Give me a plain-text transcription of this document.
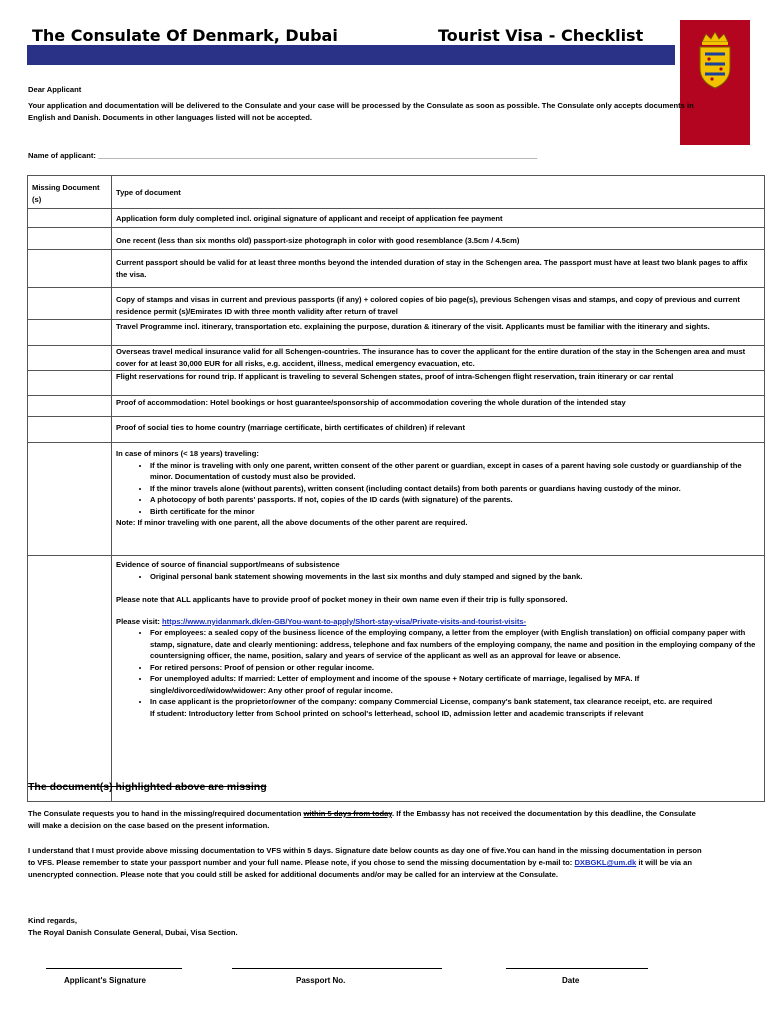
The Consulate Of Denmark, Dubai	Tourist Visa - Checklist
Dear Applicant
Your application and documentation will be delivered to the Consulate and your case will be processed by the Consulate as soon as possible. The Consulate only accepts documents in English and Danish. Documents in other languages listed will not be accepted.
Name of applicant: ________________________________________________________________________________________________________
Missing Document (s)
Type of document
Application form duly completed incl. original signature of applicant and receipt of application fee payment
One recent (less than six months old) passport-size photograph in color with good resemblance (3.5cm / 4.5cm)
Current passport should be valid for at least three months beyond the intended duration of stay in the Schengen area. The passport must have at least two blank pages to affix the visa.
Copy of stamps and visas in current and previous passports (if any) + colored copies of bio page(s), previous Schengen visas and stamps, and copy of previous and current residence permit (s)/Emirates ID with three month validity after return of travel
Travel Programme incl. itinerary, transportation etc. explaining the purpose, duration & itinerary of the visit. Applicants must be familiar with the itinerary and sights.
Overseas travel medical insurance valid for all Schengen-countries. The insurance has to cover the applicant for the entire duration of the stay in the Schengen area and must cover for at least 30,000 EUR for all risks, e.g. accident, illness, medical emergency evacuation, etc.
Flight reservations for round trip. If applicant is traveling to several Schengen states, proof of intra-Schengen flight reservation, train itinerary or car rental
Proof of accommodation: Hotel bookings or host guarantee/sponsorship of accommodation covering the whole duration of the intended stay
Proof of social ties to home country (marriage certificate, birth certificates of children) if relevant
In case of minors (< 18 years) traveling:
• If the minor is traveling with only one parent, written consent of the other parent or guardian, except in cases of a parent having sole custody or guardianship of the minor. Documentation of custody must also be provided.
• If the minor travels alone (without parents), written consent (including contact details) from both parents or guardians having custody of the minor.
• A photocopy of both parents' passports. If not, copies of the ID cards (with signature) of the parents.
• Birth certificate for the minor
Note: If minor traveling with one parent, all the above documents of the other parent are required.
Evidence of source of financial support/means of subsistence
• Original personal bank statement showing movements in the last six months and duly stamped and signed by the bank.
Please note that ALL applicants have to provide proof of pocket money in their own name even if their trip is fully sponsored.
Please visit: https://www.nyidanmark.dk/en-GB/You-want-to-apply/Short-stay-visa/Private-visits-and-tourist-visits-
• For employees: a sealed copy of the business licence of the employing company, a letter from the employer (with English translation) on official company paper with stamp, signature, date and clearly mentioning: address, telephone and fax numbers of the employing company, the name and position in the employing company of the countersigning officer, the name, position, salary and years of service of the applicant as well as an approval for leave or absence.
• For retired persons: Proof of pension or other regular income.
• For unemployed adults: If married: Letter of employment and income of the spouse + Notary certificate of marriage, legalised by MFA. If single/divorced/widow/widower: Any other proof of regular income.
• In case applicant is the proprietor/owner of the company: company Commercial License, company's bank statement, tax clearance receipt, etc. are required
If student: Introductory letter from School printed on school's letterhead, school ID, admission letter and academic transcripts if relevant
The document(s) highlighted above are missing
The Consulate requests you to hand in the missing/required documentation within 5 days from today. If the Embassy has not received the documentation by this deadline, the Consulate will make a decision on the case based on the present information.
I understand that I must provide above missing documentation to VFS within 5 days. Signature date below counts as day one of five.You can hand in the missing documentation in person to VFS. Please remember to state your passport number and your full name. Please note, if you chose to send the missing documentation by e-mail to: DXBGKL@um.dk it will be via an unencrypted connection. Please note that you could still be asked for additional documents and/or may be called for an interview at the Consulate.
Kind regards,
The Royal Danish Consulate General, Dubai, Visa Section.
Applicant's Signature	Passport No.	Date
